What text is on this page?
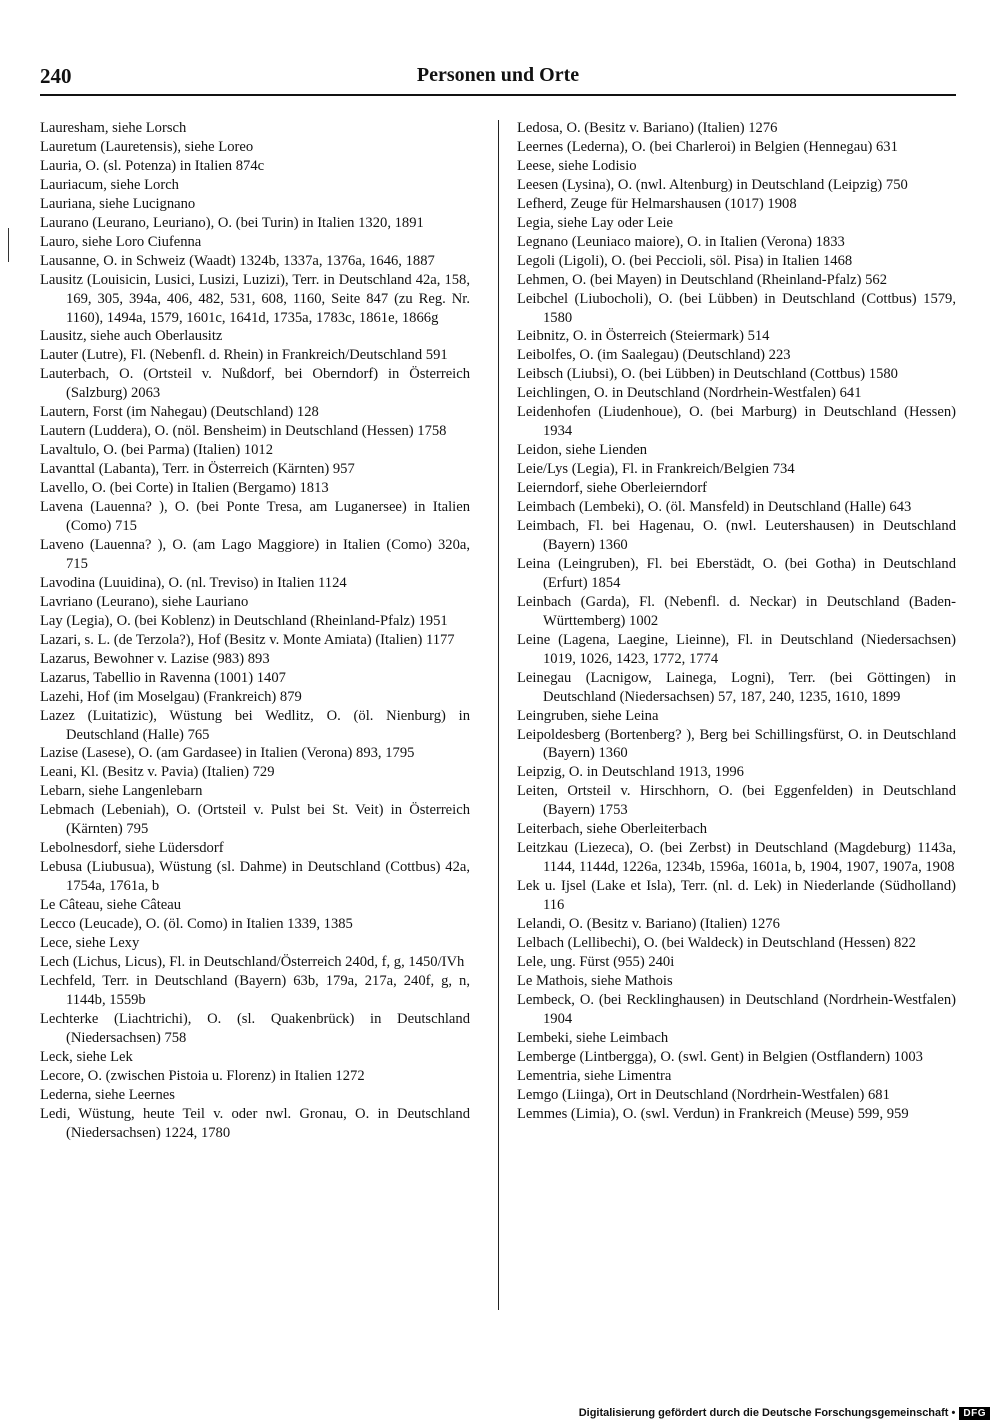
240	Personen und Orte

Lauresham, siehe Lorsch

Lauretum (Lauretensis), siehe Loreo

Lauria, O. (sl. Potenza) in Italien 874c

Lauriacum, siehe Lorch

Lauriana, siehe Lucignano

Laurano (Leurano, Leuriano), O. (bei Turin) in Italien 1320, 1891

Lauro, siehe Loro Ciufenna

Lausanne, O. in Schweiz (Waadt) 1324b, 1337a, 1376a, 1646, 1887

Lausitz (Louisicin, Lusici, Lusizi, Luzizi), Terr. in Deutschland 42a, 158, 169, 305, 394a, 406, 482, 531, 608, 1160, Seite 847 (zu Reg. Nr. 1160), 1494a, 1579, 1601c, 1641d, 1735a, 1783c, 1861e, 1866g

Lausitz, siehe auch Oberlausitz

Lauter (Lutre), Fl. (Nebenfl. d. Rhein) in Frankreich/Deutschland 591

Lauterbach, O. (Ortsteil v. Nußdorf, bei Oberndorf) in Österreich (Salzburg) 2063

Lautern, Forst (im Nahegau) (Deutschland) 128

Lautern (Luddera), O. (nöl. Bensheim) in Deutschland (Hessen) 1758

Lavaltulo, O. (bei Parma) (Italien) 1012

Lavanttal (Labanta), Terr. in Österreich (Kärnten) 957

Lavello, O. (bei Corte) in Italien (Bergamo) 1813

Lavena (Lauenna? ), O. (bei Ponte Tresa, am Luganersee) in Italien (Como) 715

Laveno (Lauenna? ), O. (am Lago Maggiore) in Italien (Como) 320a, 715

Lavodina (Luuidina), O. (nl. Treviso) in Italien 1124

Lavriano (Leurano), siehe Lauriano

Lay (Legia), O. (bei Koblenz) in Deutschland (Rheinland-Pfalz) 1951

Lazari, s. L. (de Terzola?), Hof (Besitz v. Monte Amiata) (Italien) 1177

Lazarus, Bewohner v. Lazise (983) 893

Lazarus, Tabellio in Ravenna (1001) 1407

Lazehi, Hof (im Moselgau) (Frankreich) 879

Lazez (Luitatizic), Wüstung bei Wedlitz, O. (öl. Nienburg) in Deutschland (Halle) 765

Lazise (Lasese), O. (am Gardasee) in Italien (Verona) 893, 1795

Leani, Kl. (Besitz v. Pavia) (Italien) 729

Lebarn, siehe Langenlebarn

Lebmach (Lebeniah), O. (Ortsteil v. Pulst bei St. Veit) in Österreich (Kärnten) 795

Lebolnesdorf, siehe Lüdersdorf

Lebusa (Liubusua), Wüstung (sl. Dahme) in Deutschland (Cottbus) 42a, 1754a, 1761a, b

Le Câteau, siehe Câteau

Lecco (Leucade), O. (öl. Como) in Italien 1339, 1385

Lece, siehe Lexy

Lech (Lichus, Licus), Fl. in Deutschland/Österreich 240d, f, g, 1450/IVh

Lechfeld, Terr. in Deutschland (Bayern) 63b, 179a, 217a, 240f, g, n, 1144b, 1559b

Lechterke (Liachtrichi), O. (sl. Quakenbrück) in Deutschland (Niedersachsen) 758

Leck, siehe Lek

Lecore, O. (zwischen Pistoia u. Florenz) in Italien 1272

Lederna, siehe Leernes

Ledi, Wüstung, heute Teil v. oder nwl. Gronau, O. in Deutschland (Niedersachsen) 1224, 1780

Ledosa, O. (Besitz v. Bariano) (Italien) 1276

Leernes (Lederna), O. (bei Charleroi) in Belgien (Hennegau) 631

Leese, siehe Lodisio

Leesen (Lysina), O. (nwl. Altenburg) in Deutschland (Leipzig) 750

Lefherd, Zeuge für Helmarshausen (1017) 1908

Legia, siehe Lay oder Leie

Legnano (Leuniaco maiore), O. in Italien (Verona) 1833

Legoli (Ligoli), O. (bei Peccioli, söl. Pisa) in Italien 1468

Lehmen, O. (bei Mayen) in Deutschland (Rheinland-Pfalz) 562

Leibchel (Liubocholi), O. (bei Lübben) in Deutschland (Cottbus) 1579, 1580

Leibnitz, O. in Österreich (Steiermark) 514

Leibolfes, O. (im Saalegau) (Deutschland) 223

Leibsch (Liubsi), O. (bei Lübben) in Deutschland (Cottbus) 1580

Leichlingen, O. in Deutschland (Nordrhein-Westfalen) 641

Leidenhofen (Liudenhoue), O. (bei Marburg) in Deutschland (Hessen) 1934

Leidon, siehe Lienden

Leie/Lys (Legia), Fl. in Frankreich/Belgien 734

Leierndorf, siehe Oberleierndorf

Leimbach (Lembeki), O. (öl. Mansfeld) in Deutschland (Halle) 643

Leimbach, Fl. bei Hagenau, O. (nwl. Leutershausen) in Deutschland (Bayern) 1360

Leina (Leingruben), Fl. bei Eberstädt, O. (bei Gotha) in Deutschland (Erfurt) 1854

Leinbach (Garda), Fl. (Nebenfl. d. Neckar) in Deutschland (Baden-Württemberg) 1002

Leine (Lagena, Laegine, Lieinne), Fl. in Deutschland (Niedersachsen) 1019, 1026, 1423, 1772, 1774

Leinegau (Lacnigow, Lainega, Logni), Terr. (bei Göttingen) in Deutschland (Niedersachsen) 57, 187, 240, 1235, 1610, 1899

Leingruben, siehe Leina

Leipoldesberg (Bortenberg? ), Berg bei Schillingsfürst, O. in Deutschland (Bayern) 1360

Leipzig, O. in Deutschland 1913, 1996

Leiten, Ortsteil v. Hirschhorn, O. (bei Eggenfelden) in Deutschland (Bayern) 1753

Leiterbach, siehe Oberleiterbach

Leitzkau (Liezeca), O. (bei Zerbst) in Deutschland (Magdeburg) 1143a, 1144, 1144d, 1226a, 1234b, 1596a, 1601a, b, 1904, 1907, 1907a, 1908

Lek u. Ijsel (Lake et Isla), Terr. (nl. d. Lek) in Niederlande (Südholland) 116

Lelandi, O. (Besitz v. Bariano) (Italien) 1276

Lelbach (Lellibechi), O. (bei Waldeck) in Deutschland (Hessen) 822

Lele, ung. Fürst (955) 240i

Le Mathois, siehe Mathois

Lembeck, O. (bei Recklinghausen) in Deutschland (Nordrhein-Westfalen) 1904

Lembeki, siehe Leimbach

Lemberge (Lintbergga), O. (swl. Gent) in Belgien (Ostflandern) 1003

Lementria, siehe Limentra

Lemgo (Liinga), Ort in Deutschland (Nordrhein-Westfalen) 681

Lemmes (Limia), O. (swl. Verdun) in Frankreich (Meuse) 599, 959

Digitalisierung gefördert durch die Deutsche Forschungsgemeinschaft • DFG
